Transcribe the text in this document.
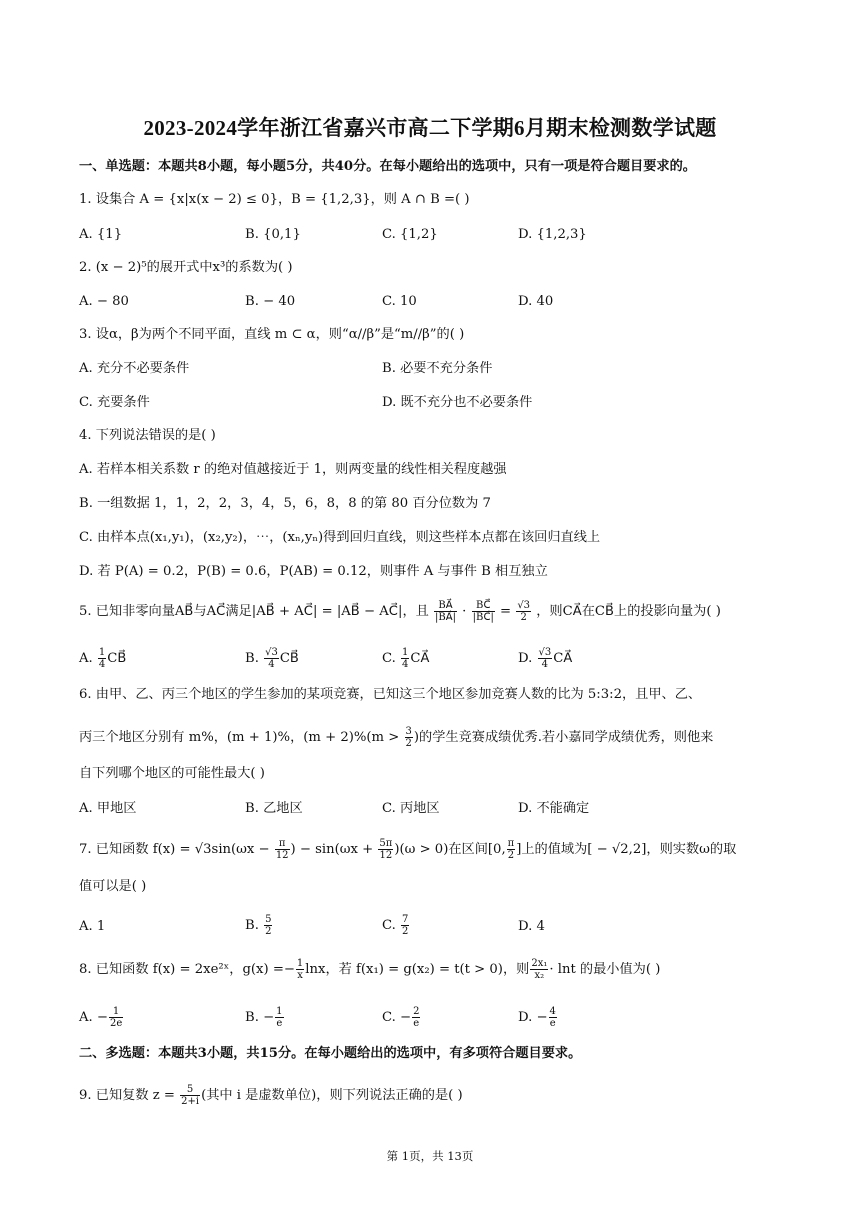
2023-2024学年浙江省嘉兴市高二下学期6月期末检测数学试题
一、单选题：本题共8小题，每小题5分，共40分。在每小题给出的选项中，只有一项是符合题目要求的。
1. 设集合 A = {x|x(x − 2) ≤ 0}，B = {1,2,3}，则 A ∩ B =( )
A. {1}	B. {0,1}	C. {1,2}	D. {1,2,3}
2. (x − 2)⁵的展开式中x³的系数为( )
A. − 80	B. − 40	C. 10	D. 40
3. 设α，β为两个不同平面，直线 m ⊂ α，则“α//β”是“m//β”的( )
A. 充分不必要条件	B. 必要不充分条件
C. 充要条件	D. 既不充分也不必要条件
4. 下列说法错误的是( )
A. 若样本相关系数 r 的绝对值越接近于 1，则两变量的线性相关程度越强
B. 一组数据 1，1，2，2，3，4，5，6，8，8 的第 80 百分位数为 7
C. 由样本点(x₁,y₁)，(x₂,y₂)，⋯，(xₙ,yₙ)得到回归直线，则这些样本点都在该回归直线上
D. 若 P(A) = 0.2，P(B) = 0.6，P(AB) = 0.12，则事件 A 与事件 B 相互独立
5. 已知非零向量AB⃗与AC⃗满足|AB⃗ + AC⃗| = |AB⃗ − AC⃗|，且 $\frac{BA⃗}{|BA⃗|} \cdot \frac{BC⃗}{|BC⃗|} = \frac{√3}{2}$ ，则CA⃗在CB⃗上的投影向量为( )
A. $\frac{1}{4}$ CB⃗	B. $\frac{√3}{4}$ CB⃗	C. $\frac{1}{4}$ CA⃗	D. $\frac{√3}{4}$ CA⃗
6. 由甲、乙、丙三个地区的学生参加的某项竞赛，已知这三个地区参加竞赛人数的比为 5:3:2，且甲、乙、
丙三个地区分别有 m%，(m + 1)%，$(m + 2)\%(m > \frac{3}{2}$ )的学生竞赛成绩优秀.若小嘉同学成绩优秀，则他来
自下列哪个地区的可能性最大( )
A. 甲地区	B. 乙地区	C. 丙地区	D. 不能确定
7. 已知函数 $f(x) = √3\sin(\omega x - \frac{\pi}{12}$ ) − $\sin(\omega x + \frac{5\pi}{12} )(\omega > 0)$在区间[0, $\frac{\pi}{2}$ ]上的值域为[ − √2,2]，则实数ω的取
值可以是( )
A. 1	B. $\frac{5}{2}$	C. $\frac{7}{2}$	D. 4
8. 已知函数 f(x) = 2xe²ˣ，$g(x) =- \frac{1}{x}$ lnx，若 f(x₁) = g(x₂) = t(t > 0)，则 $\frac{\text{2x₁}}{\text{x₂}} \cdot \ln t$ 的最小值为( )
A. − $\frac{1}{2e}$	B. − $\frac{1}{e}$	C. − $\frac{2}{e}$	D. − $\frac{4}{e}$
二、多选题：本题共3小题，共15分。在每小题给出的选项中，有多项符合题目要求。
9. 已知复数 $z = \frac{5}{2+i}$ (其中 i 是虚数单位)，则下列说法正确的是( )
第 1页，共 13页
